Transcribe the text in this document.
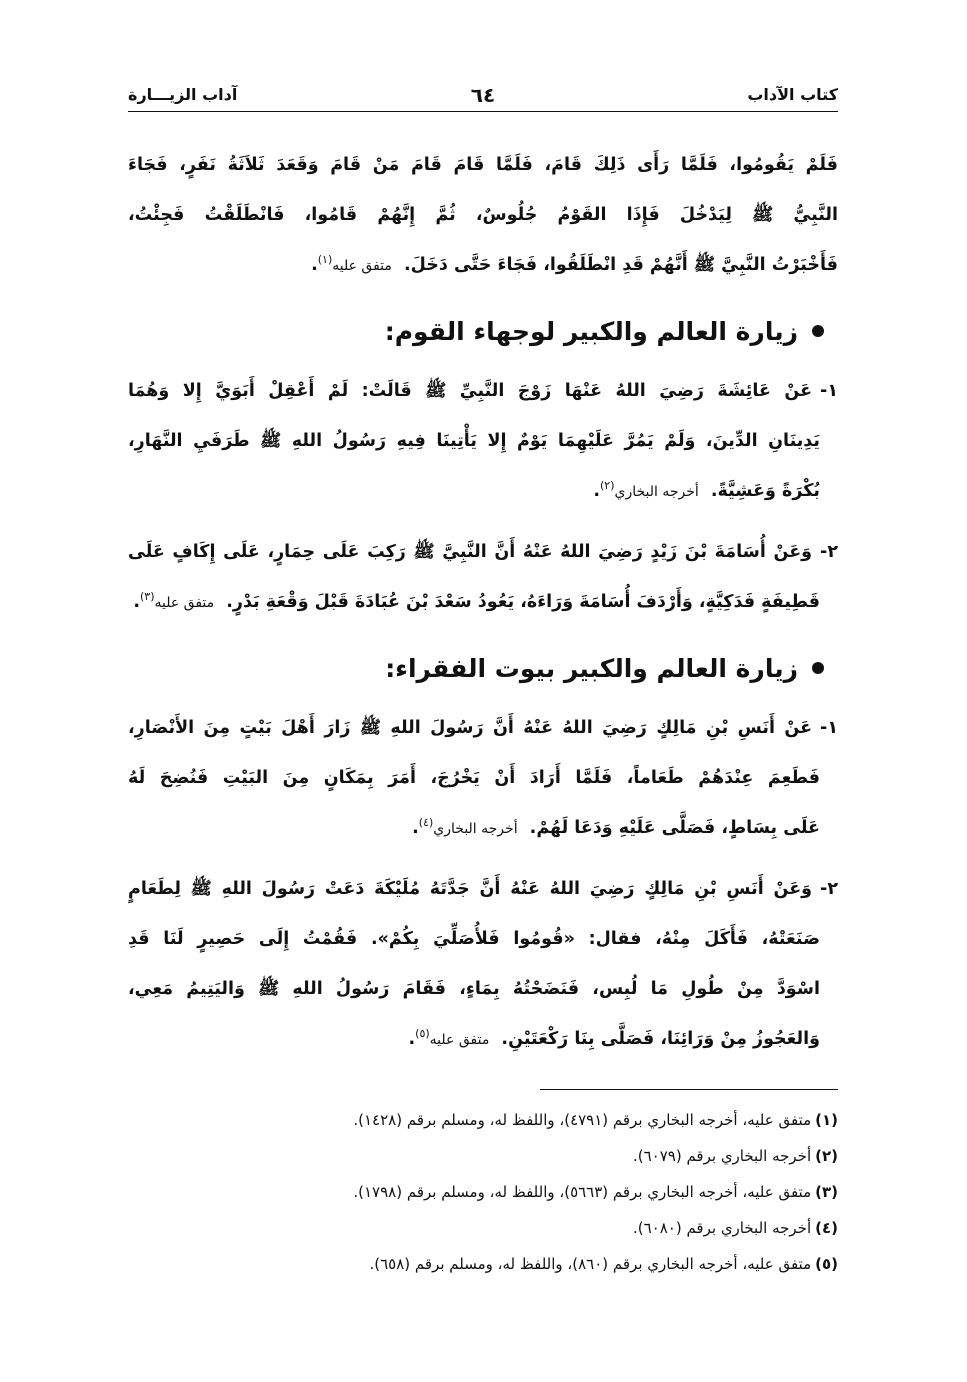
كتاب الآداب
٦٤
آداب الزيـــارة
فَلَمْ يَقُومُوا، فَلَمَّا رَأَى ذَلِكَ قَامَ، فَلَمَّا قَامَ قَامَ مَنْ قَامَ وَقَعَدَ ثَلاَثَةُ نَفَرٍ، فَجَاءَ
النَّبِيُّ ﷺ لِيَدْخُلَ فَإِذَا القَوْمُ جُلُوسٌ، ثُمَّ إِنَّهُمْ قَامُوا، فَانْطَلَقْتُ فَجِئْتُ،
فَأَخْبَرْتُ النَّبِيَّ ﷺ أَنَّهُمْ قَدِ انْطَلَقُوا، فَجَاءَ حَتَّى دَخَلَ. متفق عليه$^{(١)}$.
زيارة العالم والكبير لوجهاء القوم:
١-عَنْ عَائِشَةَ رَضِيَ اللهُ عَنْهَا زَوْجَ النَّبِيِّ ﷺ قَالَتْ: لَمْ أَعْقِلْ أَبَوَيَّ إِلا وَهُمَا
يَدِينَانِ الدِّينَ، وَلَمْ يَمُرَّ عَلَيْهِمَا يَوْمٌ إِلا يَأْتِينَا فِيهِ رَسُولُ اللهِ ﷺ طَرَفَيِ النَّهَارِ،
بُكْرَةً وَعَشِيَّةً. أخرجه البخاري$^{(٢)}$.
٢-وَعَنْ أُسَامَةَ بْنَ زَيْدٍ رَضِيَ اللهُ عَنْهُ أَنَّ النَّبِيَّ ﷺ رَكِبَ عَلَى حِمَارٍ، عَلَى إِكَافٍ عَلَى
قَطِيفَةٍ فَدَكِيَّةٍ، وَأَرْدَفَ أُسَامَةَ وَرَاءَهُ، يَعُودُ سَعْدَ بْنَ عُبَادَةَ قَبْلَ وَقْعَةِ بَدْرٍ. متفق عليه$^{(٣)}$.
زيارة العالم والكبير بيوت الفقراء:
١-عَنْ أَنَسِ بْنِ مَالِكٍ رَضِيَ اللهُ عَنْهُ أَنَّ رَسُولَ اللهِ ﷺ زَارَ أَهْلَ بَيْتٍ مِنَ الأَنْصَارِ،
فَطَعِمَ عِنْدَهُمْ طَعَاماً، فَلَمَّا أَرَادَ أَنْ يَخْرُجَ، أَمَرَ بِمَكَانٍ مِنَ البَيْتِ فَنُضِحَ لَهُ
عَلَى بِسَاطٍ، فَصَلَّى عَلَيْهِ وَدَعَا لَهُمْ. أخرجه البخاري$^{(٤)}$.
٢-وَعَنْ أَنَسِ بْنِ مَالِكٍ رَضِيَ اللهُ عَنْهُ أَنَّ جَدَّتَهُ مُلَيْكَةَ دَعَتْ رَسُولَ اللهِ ﷺ لِطَعَامٍ
صَنَعَتْهُ، فَأَكَلَ مِنْهُ، فقال: «قُومُوا فَلأُصَلِّيَ بِكُمْ». فَقُمْتُ إِلَى حَصِيرٍ لَنَا قَدِ
اسْوَدَّ مِنْ طُولِ مَا لُبِس، فَنَضَحْتُهُ بِمَاءٍ، فَقَامَ رَسُولُ اللهِ ﷺ وَاليَتِيمُ مَعِي،
وَالعَجُوزُ مِنْ وَرَائِنَا، فَصَلَّى بِنَا رَكْعَتَيْنِ. متفق عليه$^{(٥)}$.
(١)متفق عليه، أخرجه البخاري برقم (٤٧٩١)، واللفظ له، ومسلم برقم (١٤٢٨).
(٢)أخرجه البخاري برقم (٦٠٧٩).
(٣)متفق عليه، أخرجه البخاري برقم (٥٦٦٣)، واللفظ له، ومسلم برقم (١٧٩٨).
(٤)أخرجه البخاري برقم (٦٠٨٠).
(٥)متفق عليه، أخرجه البخاري برقم (٨٦٠)، واللفظ له، ومسلم برقم (٦٥٨).
